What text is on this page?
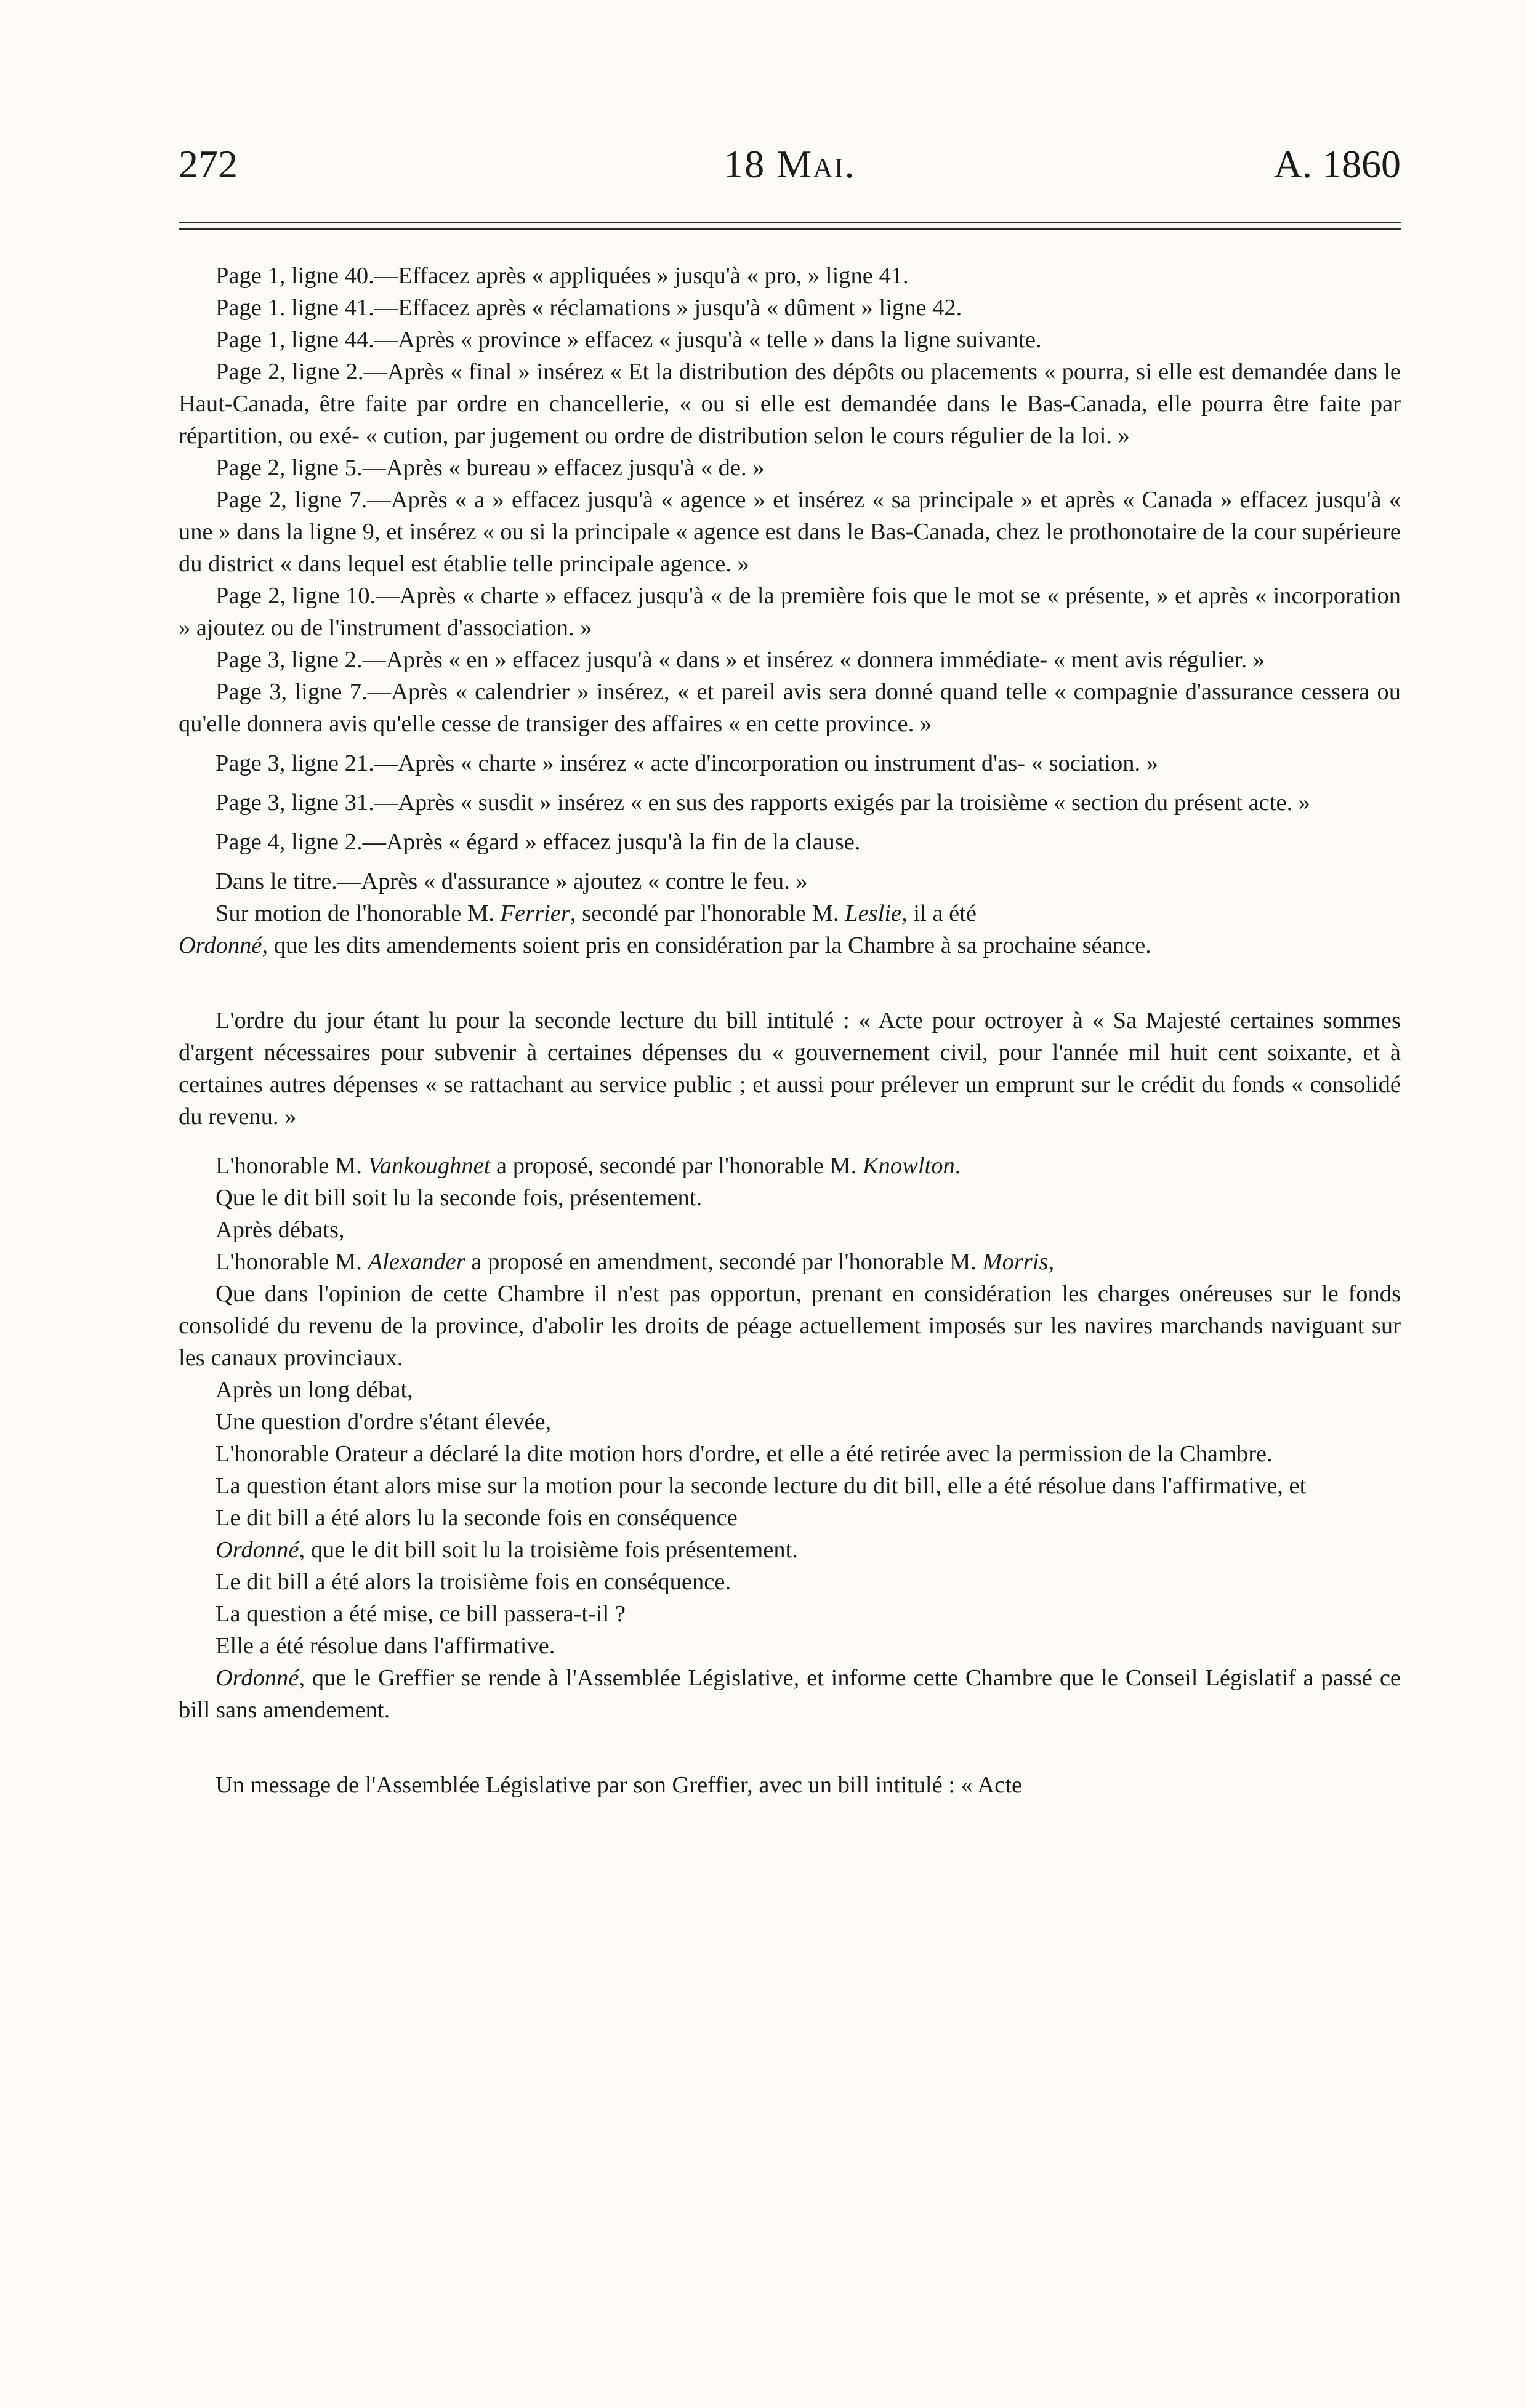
272	18 Mai.	A. 1860

Page 1, ligne 40.—Effacez après « appliquées » jusqu'à « pro, » ligne 41.

Page 1. ligne 41.—Effacez après « réclamations » jusqu'à « dûment » ligne 42.

Page 1, ligne 44.—Après « province » effacez « jusqu'à « telle » dans la ligne suivante.

Page 2, ligne 2.—Après « final » insérez « Et la distribution des dépôts ou placements « pourra, si elle est demandée dans le Haut-Canada, être faite par ordre en chancellerie, « ou si elle est demandée dans le Bas-Canada, elle pourra être faite par répartition, ou exé- « cution, par jugement ou ordre de distribution selon le cours régulier de la loi. »

Page 2, ligne 5.—Après « bureau » effacez jusqu'à « de. »

Page 2, ligne 7.—Après « a » effacez jusqu'à « agence » et insérez « sa principale » et après « Canada » effacez jusqu'à « une » dans la ligne 9, et insérez « ou si la principale « agence est dans le Bas-Canada, chez le prothonotaire de la cour supérieure du district « dans lequel est établie telle principale agence. »

Page 2, ligne 10.—Après « charte » effacez jusqu'à « de la première fois que le mot se « présente, » et après « incorporation » ajoutez ou de l'instrument d'association. »

Page 3, ligne 2.—Après « en » effacez jusqu'à « dans » et insérez « donnera immédiate- « ment avis régulier. »

Page 3, ligne 7.—Après « calendrier » insérez, « et pareil avis sera donné quand telle « compagnie d'assurance cessera ou qu'elle donnera avis qu'elle cesse de transiger des affaires « en cette province. »

Page 3, ligne 21.—Après « charte » insérez « acte d'incorporation ou instrument d'as- « sociation. »

Page 3, ligne 31.—Après « susdit » insérez « en sus des rapports exigés par la troisième « section du présent acte. »

Page 4, ligne 2.—Après « égard » effacez jusqu'à la fin de la clause.

Dans le titre.—Après « d'assurance » ajoutez « contre le feu. »

Sur motion de l'honorable M. Ferrier, secondé par l'honorable M. Leslie, il a été

Ordonné, que les dits amendements soient pris en considération par la Chambre à sa prochaine séance.

L'ordre du jour étant lu pour la seconde lecture du bill intitulé : « Acte pour octroyer à « Sa Majesté certaines sommes d'argent nécessaires pour subvenir à certaines dépenses du « gouvernement civil, pour l'année mil huit cent soixante, et à certaines autres dépenses « se rattachant au service public ; et aussi pour prélever un emprunt sur le crédit du fonds « consolidé du revenu. »

L'honorable M. Vankoughnet a proposé, secondé par l'honorable M. Knowlton.

Que le dit bill soit lu la seconde fois, présentement.

Après débats,

L'honorable M. Alexander a proposé en amendment, secondé par l'honorable M. Morris,

Que dans l'opinion de cette Chambre il n'est pas opportun, prenant en considération les charges onéreuses sur le fonds consolidé du revenu de la province, d'abolir les droits de péage actuellement imposés sur les navires marchands naviguant sur les canaux provinciaux.

Après un long débat,

Une question d'ordre s'étant élevée,

L'honorable Orateur a déclaré la dite motion hors d'ordre, et elle a été retirée avec la permission de la Chambre.

La question étant alors mise sur la motion pour la seconde lecture du dit bill, elle a été résolue dans l'affirmative, et

Le dit bill a été alors lu la seconde fois en conséquence

Ordonné, que le dit bill soit lu la troisième fois présentement.

Le dit bill a été alors la troisième fois en conséquence.

La question a été mise, ce bill passera-t-il ?

Elle a été résolue dans l'affirmative.

Ordonné, que le Greffier se rende à l'Assemblée Législative, et informe cette Chambre que le Conseil Législatif a passé ce bill sans amendement.

Un message de l'Assemblée Législative par son Greffier, avec un bill intitulé : « Acte
